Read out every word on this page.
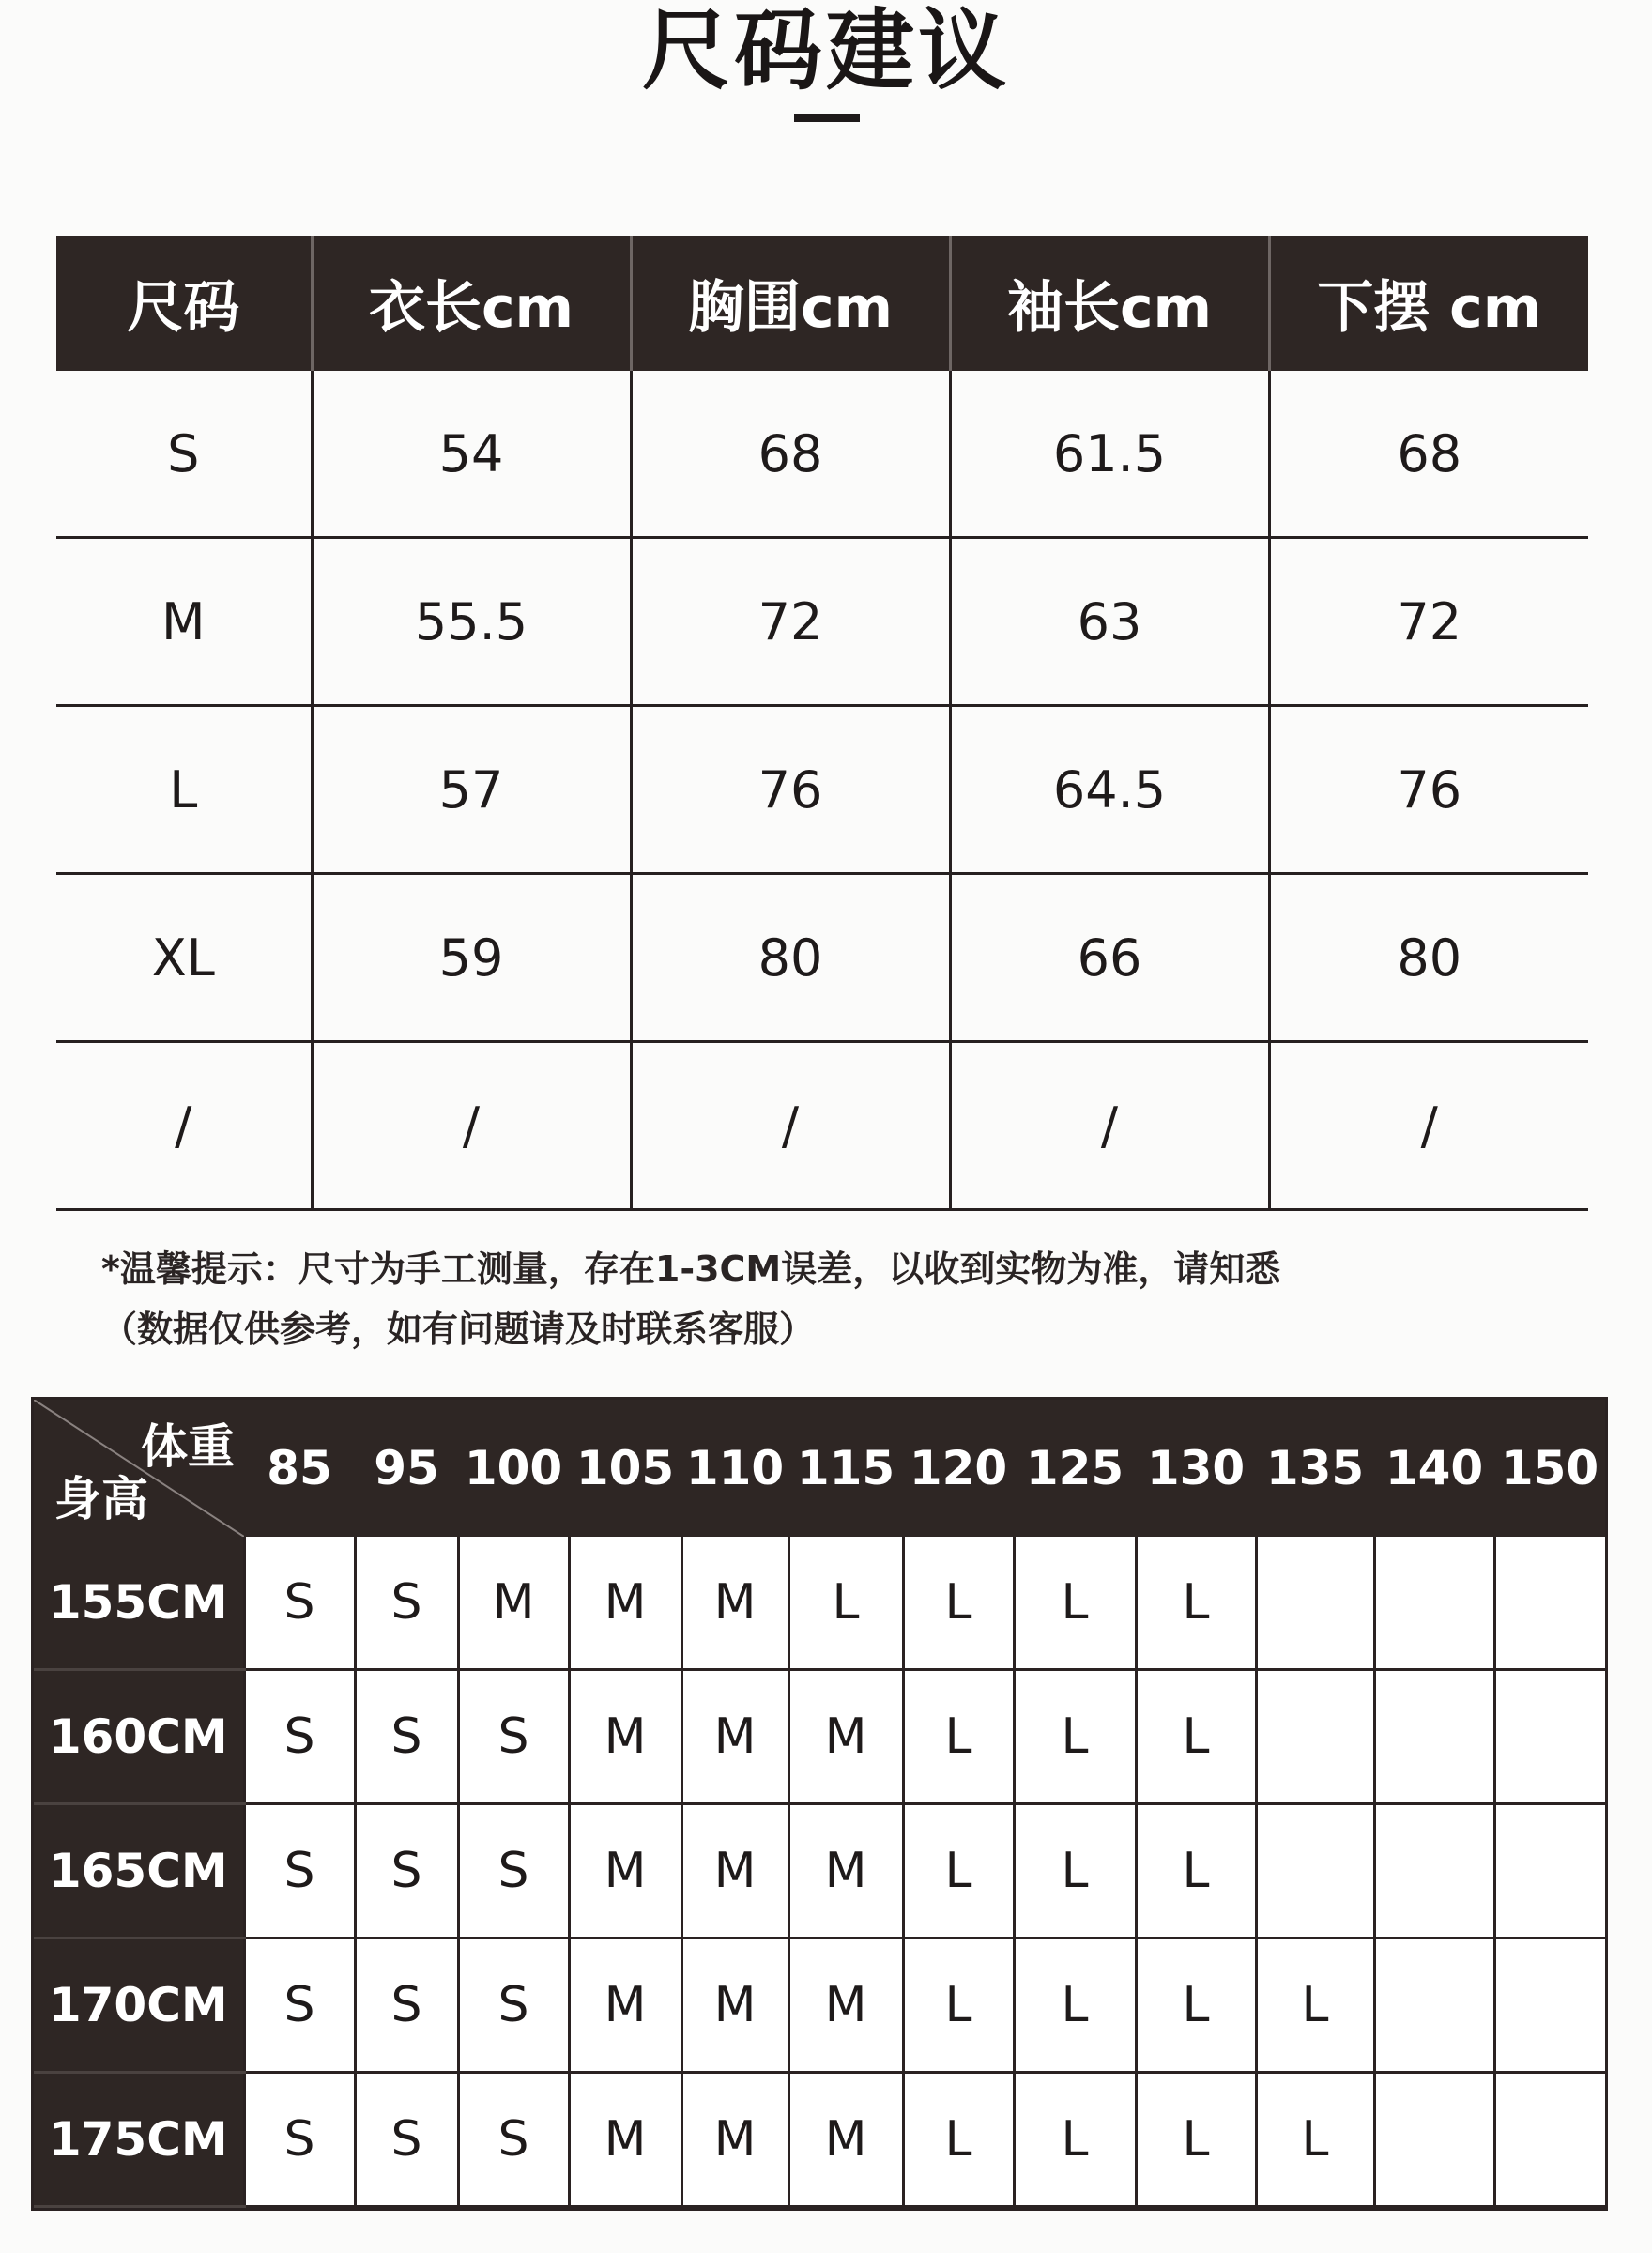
尺码建议
尺码	衣长cm	胸围cm	袖长cm	下摆 cm
S	54	68	61.5	68
M	55.5	72	63	72
L	57	76	64.5	76
XL	59	80	66	80
/	/	/	/	/
*温馨提示：尺寸为手工测量，存在1-3CM误差，以收到实物为准，请知悉
（数据仅供参考，如有问题请及时联系客服）
体重
身高	85	95	100	105	110	115	120	125	130	135	140	150
155CM	S	S	M	M	M	L	L	L	L			
160CM	S	S	S	M	M	M	L	L	L			
165CM	S	S	S	M	M	M	L	L	L			
170CM	S	S	S	M	M	M	L	L	L	L		
175CM	S	S	S	M	M	M	L	L	L	L		
